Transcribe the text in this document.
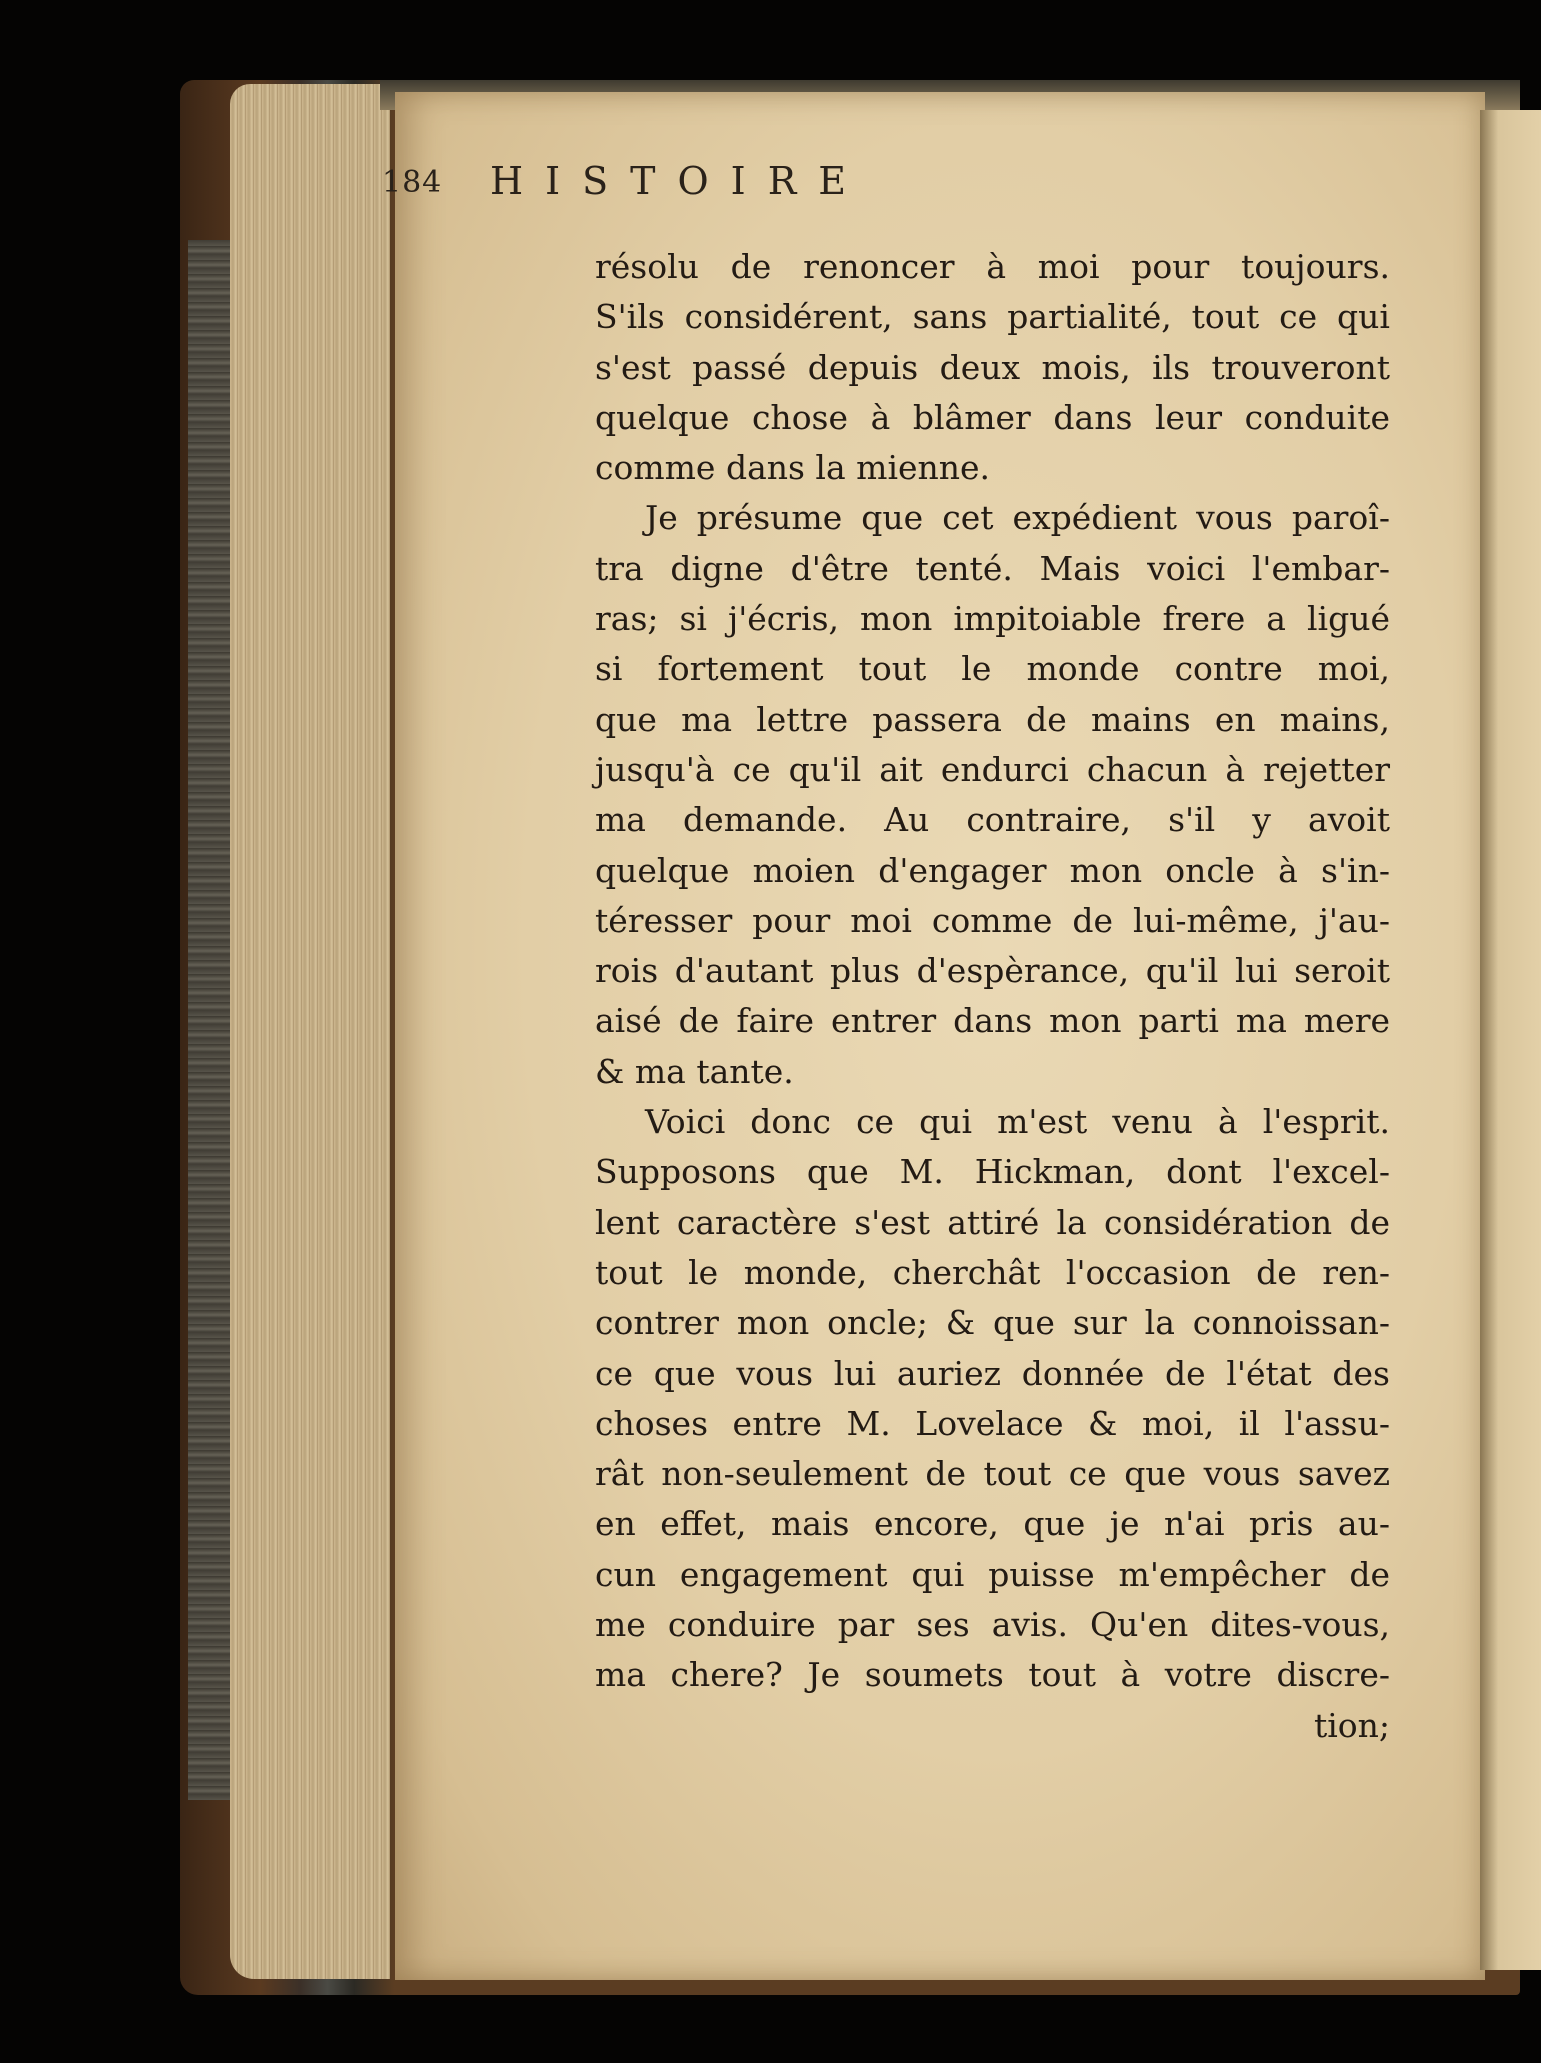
184 HISTOIRE
résolu de renoncer à moi pour toujours.
S'ils considérent, sans partialité, tout ce qui
s'est passé depuis deux mois, ils trouveront
quelque chose à blâmer dans leur conduite
comme dans la mienne.
Je présume que cet expédient vous paroî-
tra digne d'être tenté. Mais voici l'embar-
ras; si j'écris, mon impitoiable frere a ligué
si fortement tout le monde contre moi,
que ma lettre passera de mains en mains,
jusqu'à ce qu'il ait endurci chacun à rejetter
ma demande. Au contraire, s'il y avoit
quelque moien d'engager mon oncle à s'in-
téresser pour moi comme de lui-même, j'au-
rois d'autant plus d'espèrance, qu'il lui seroit
aisé de faire entrer dans mon parti ma mere
& ma tante.
Voici donc ce qui m'est venu à l'esprit.
Supposons que M. Hickman, dont l'excel-
lent caractère s'est attiré la considération de
tout le monde, cherchât l'occasion de ren-
contrer mon oncle; & que sur la connoissan-
ce que vous lui auriez donnée de l'état des
choses entre M. Lovelace & moi, il l'assu-
rât non-seulement de tout ce que vous savez
en effet, mais encore, que je n'ai pris au-
cun engagement qui puisse m'empêcher de
me conduire par ses avis. Qu'en dites-vous,
ma chere? Je soumets tout à votre discre-
tion;
